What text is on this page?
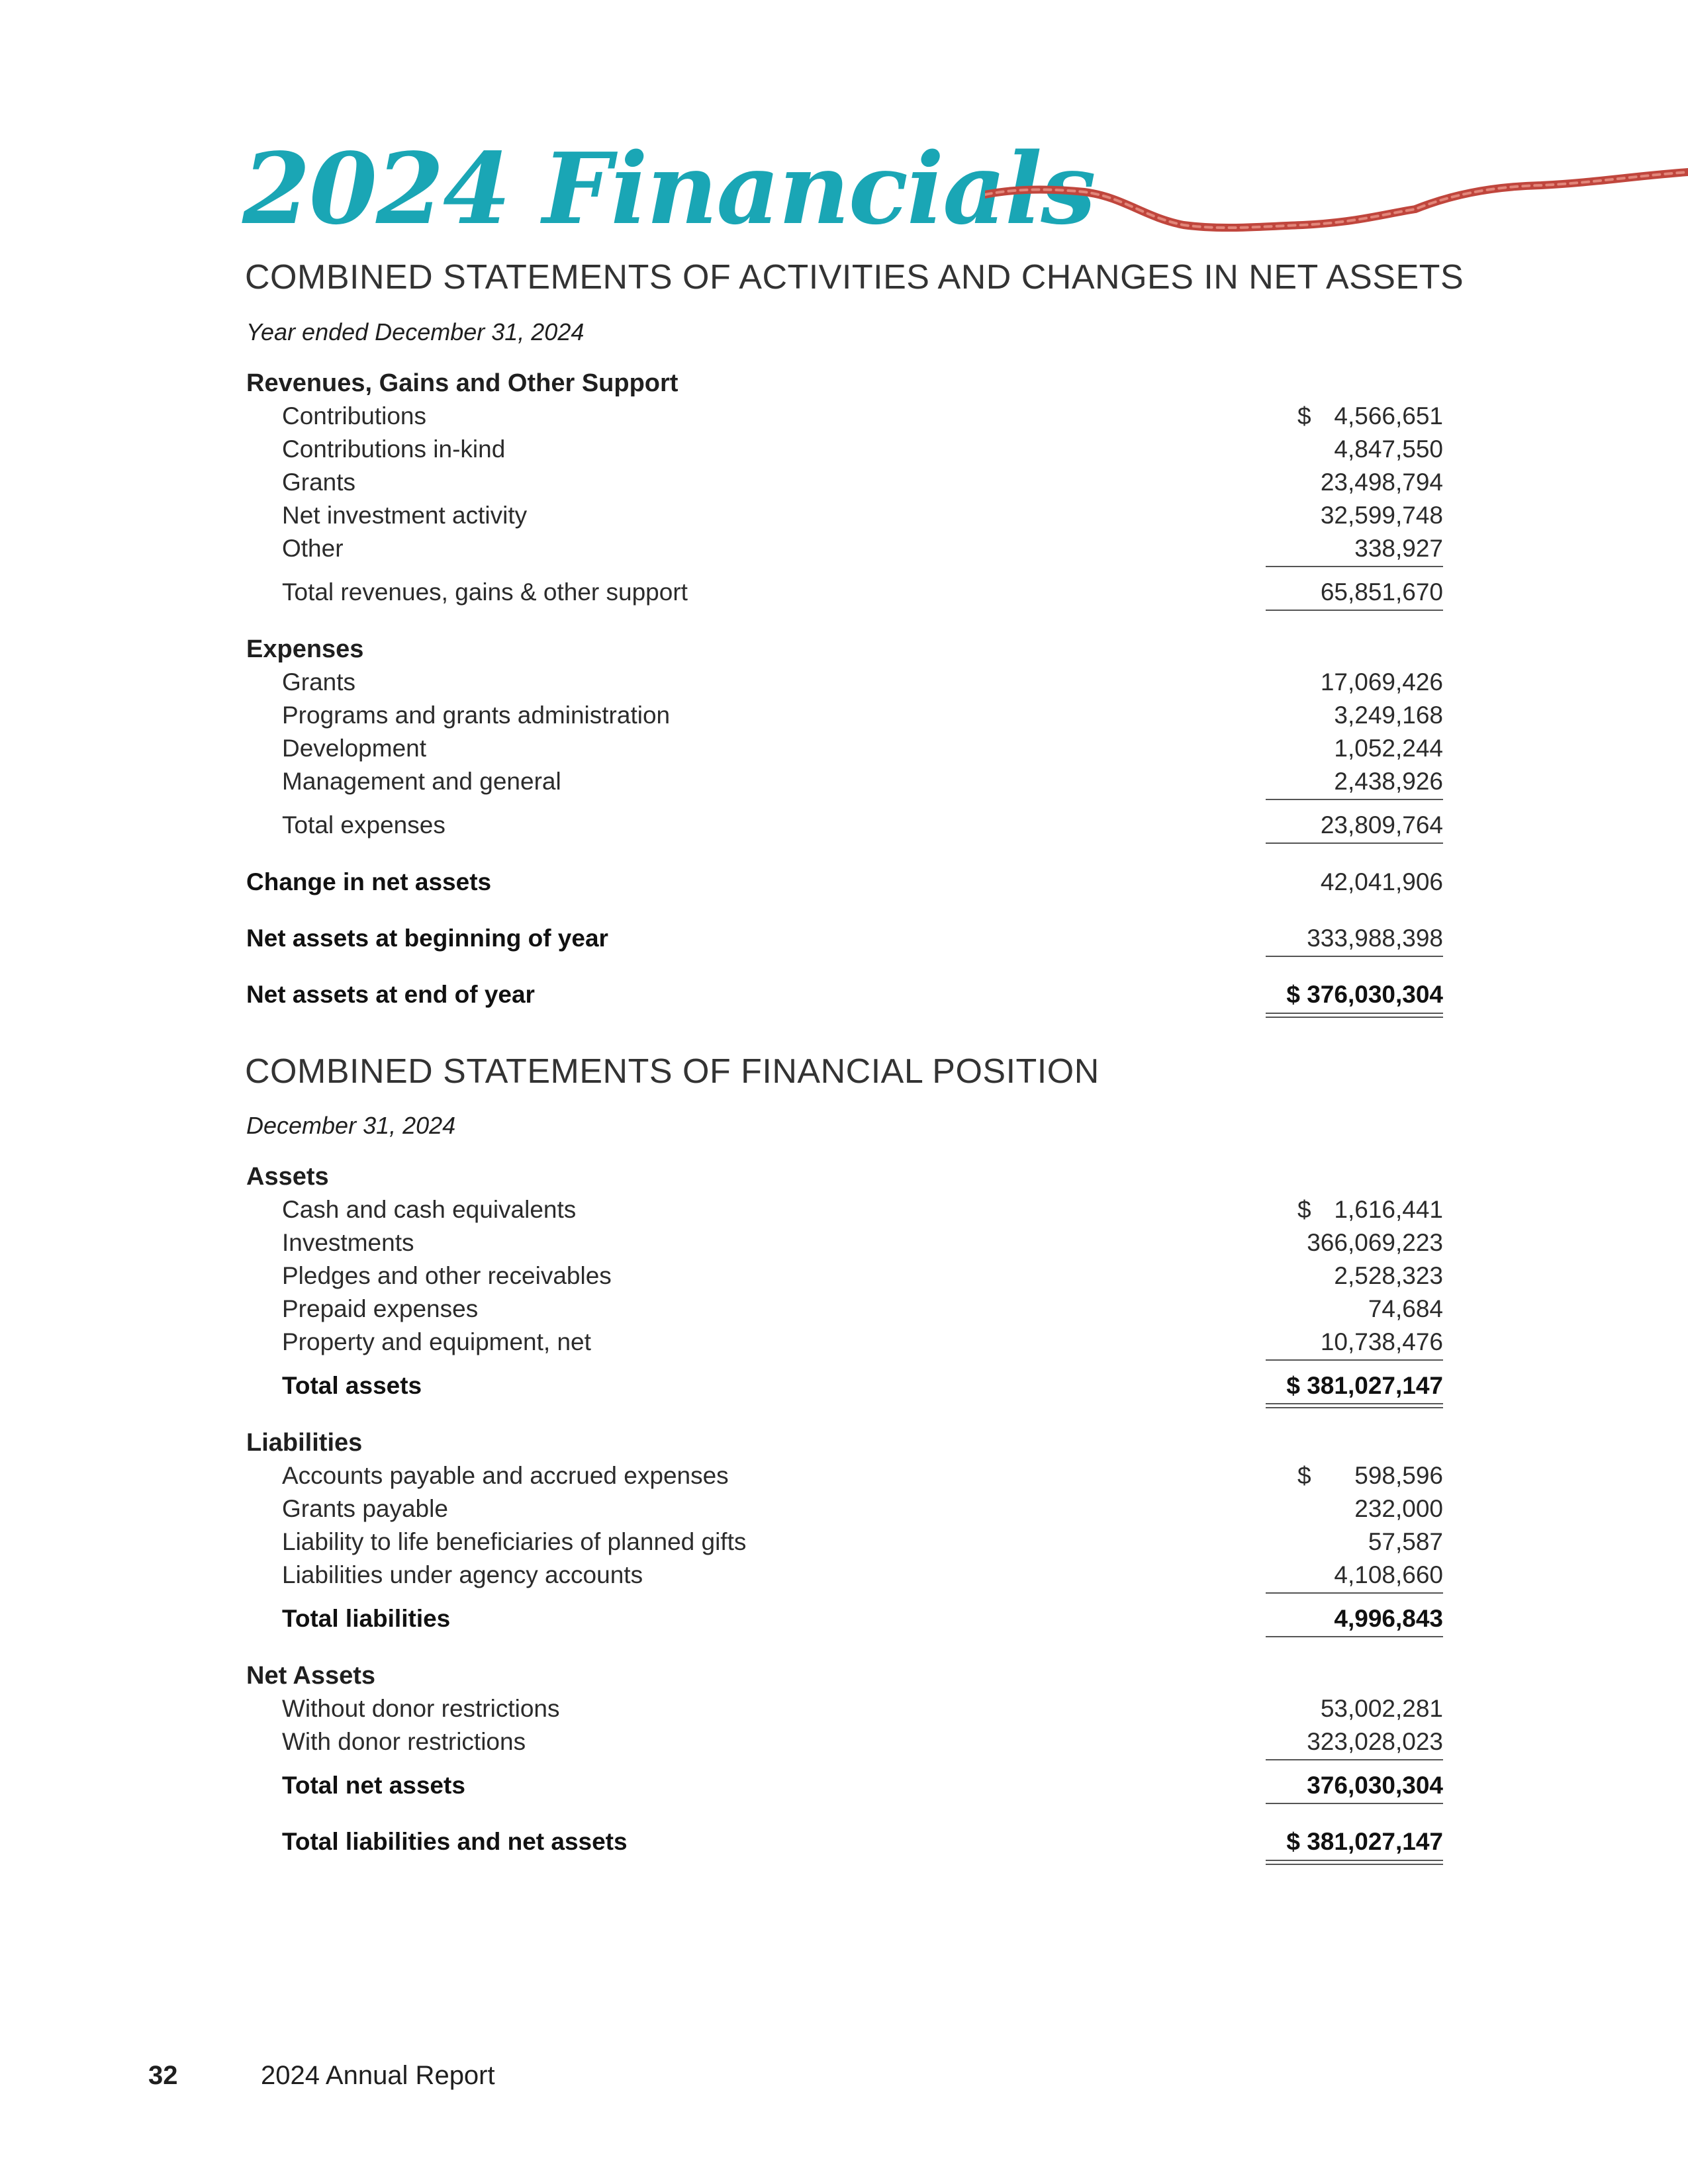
2024 Financials
COMBINED STATEMENTS OF ACTIVITIES AND CHANGES IN NET ASSETS
Year ended December 31, 2024
Revenues, Gains and Other Support
Contributions	$ 4,566,651
Contributions in-kind	4,847,550
Grants	23,498,794
Net investment activity	32,599,748
Other	338,927
Total revenues, gains & other support	65,851,670
Expenses
Grants	17,069,426
Programs and grants administration	3,249,168
Development	1,052,244
Management and general	2,438,926
Total expenses	23,809,764
Change in net assets	42,041,906
Net assets at beginning of year	333,988,398
Net assets at end of year	$ 376,030,304
COMBINED STATEMENTS OF FINANCIAL POSITION
December 31, 2024
Assets
Cash and cash equivalents	$ 1,616,441
Investments	366,069,223
Pledges and other receivables	2,528,323
Prepaid expenses	74,684
Property and equipment, net	10,738,476
Total assets	$ 381,027,147
Liabilities
Accounts payable and accrued expenses	$ 598,596
Grants payable	232,000
Liability to life beneficiaries of planned gifts	57,587
Liabilities under agency accounts	4,108,660
Total liabilities	4,996,843
Net Assets
Without donor restrictions	53,002,281
With donor restrictions	323,028,023
Total net assets	376,030,304
Total liabilities and net assets	$ 381,027,147
32	2024 Annual Report
